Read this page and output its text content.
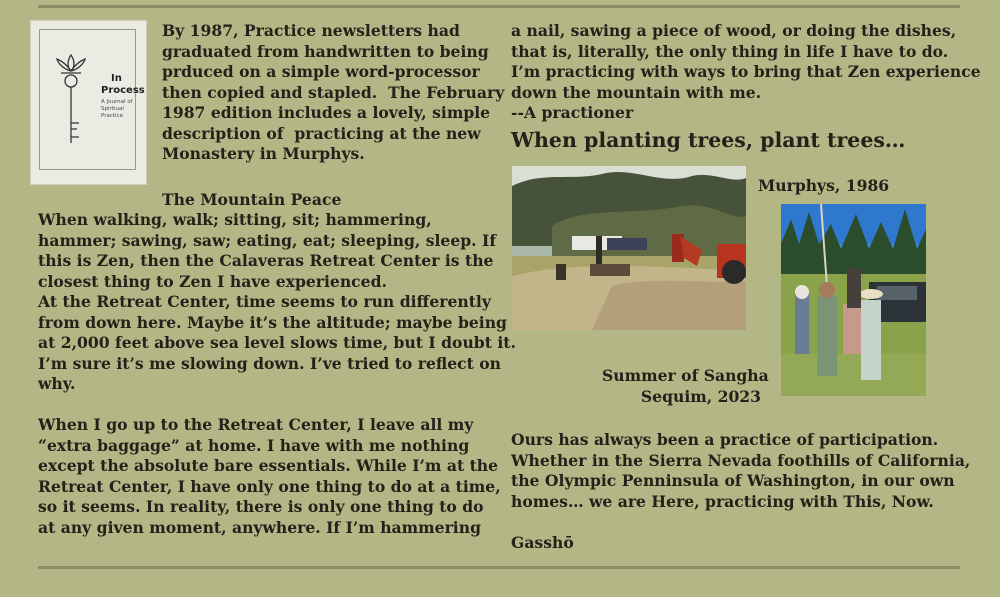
In
Process
A Journal of Spiritual Practice

By 1987, Practice newsletters had
graduated from handwritten to being
prduced on a simple word-processor
then copied and stapled.  The February
1987 edition includes a lovely, simple
description of  practicing at the new
Monastery in Murphys.

The Mountain Peace

When walking, walk; sitting, sit; hammering,
hammer; sawing, saw; eating, eat; sleeping, sleep. If
this is Zen, then the Calaveras Retreat Center is the
closest thing to Zen I have experienced.
At the Retreat Center, time seems to run differently
from down here. Maybe it’s the altitude; maybe being
at 2,000 feet above sea level slows time, but I doubt it.
I’m sure it’s me slowing down. I’ve tried to reflect on
why.

When I go up to the Retreat Center, I leave all my
“extra baggage” at home. I have with me nothing
except the absolute bare essentials. While I’m at the
Retreat Center, I have only one thing to do at a time,
so it seems. In reality, there is only one thing to do
at any given moment, anywhere. If I’m hammering

a nail, sawing a piece of wood, or doing the dishes,
that is, literally, the only thing in life I have to do.
I’m practicing with ways to bring that Zen experience
down the mountain with me.
--A practioner

When planting trees, plant trees…

Murphys, 1986

Summer of Sangha
Sequim, 2023

Ours has always been a practice of participation.
Whether in the Sierra Nevada foothills of California,
the Olympic Penninsula of Washington, in our own
homes… we are Here, practicing with This, Now.

Gasshō
